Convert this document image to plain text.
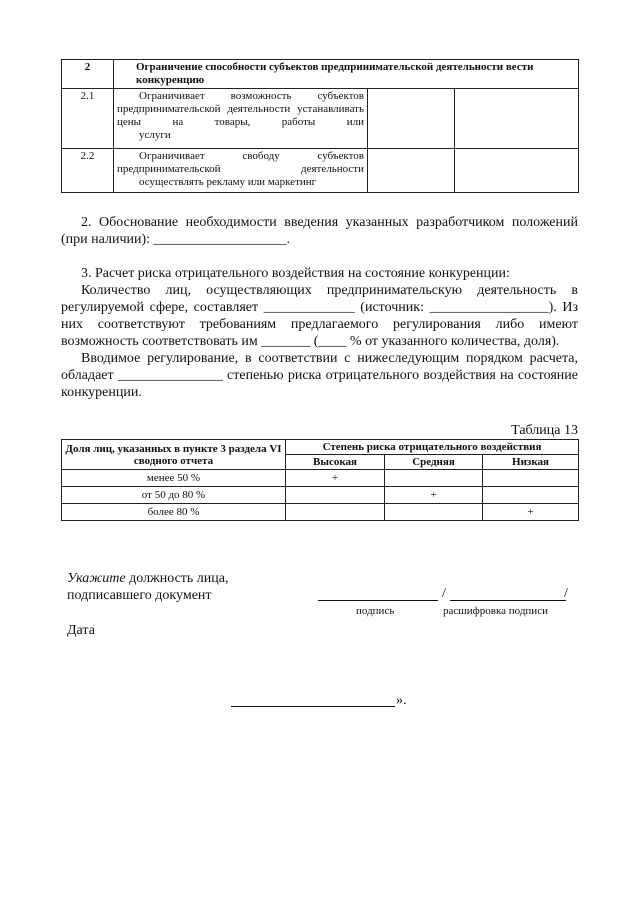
2	Ограничение способности субъектов предпринимательской деятельности вести конкуренцию		
2.1	Ограничивает возможность субъектов предпринимательской деятельности устанавливать цены на товары, работы или
услуги		

2.2	Ограничивает свободу субъектов предпринимательской деятельности
осуществлять рекламу или маркетинг		

2. Обоснование необходимости введения указанных разработчиком положений (при наличии): ___________________.

3. Расчет риска отрицательного воздействия на состояние конкуренции:

Количество лиц, осуществляющих предпринимательскую деятельность в регулируемой сфере, составляет _____________ (источник: _________________). Из них соответствуют требованиям предлагаемого регулирования либо имеют возможность соответствовать им _______ (____ % от указанного количества, доля).

Вводимое регулирование, в соответствии с нижеследующим порядком расчета, обладает _______________ степенью риска отрицательного воздействия на состояние конкуренции.

Таблица 13
Доля лиц, указанных в пункте 3 раздела VI сводного отчета	Степень риска отрицательного воздействия		
	Высокая	Средняя	Низкая
менее 50 %	+		
от 50 до 80 %		+	
более 80 %			+
Укажите должность лица,
подписавшего документ	/	/
подпись	расшифровка подписи
Дата
».
